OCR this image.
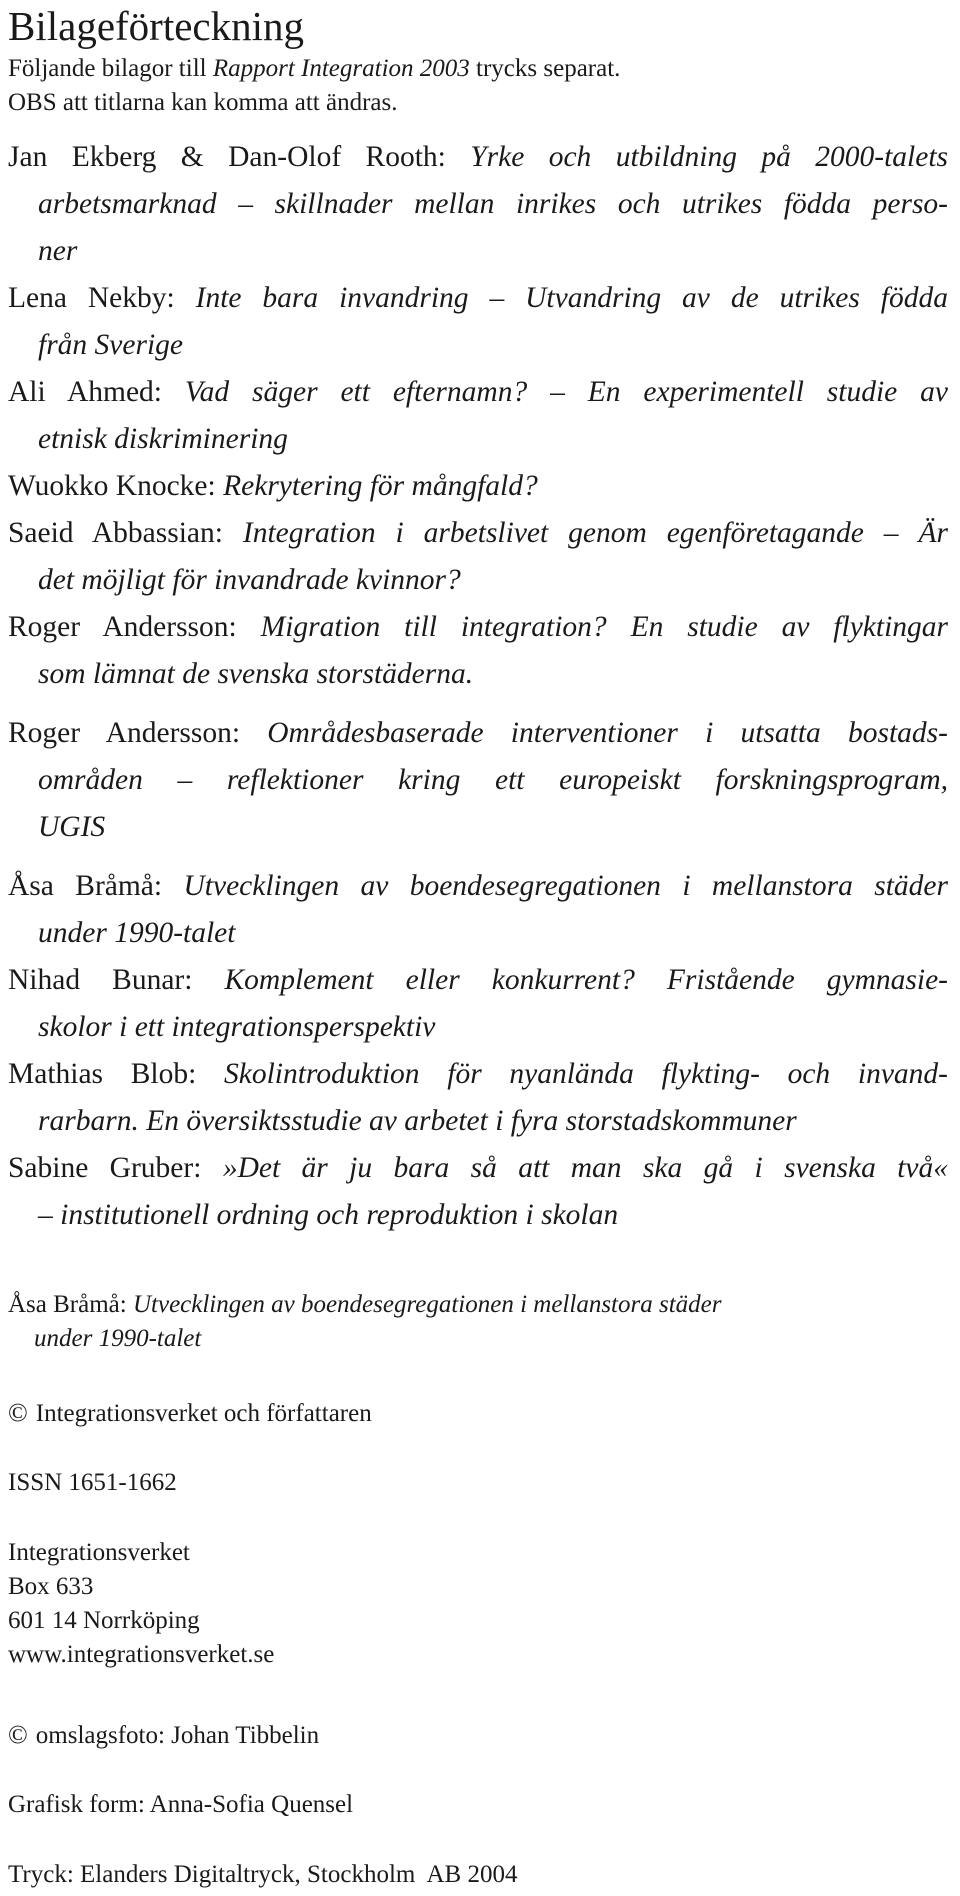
Bilageförteckning
Följande bilagor till Rapport Integration 2003 trycks separat.
OBS att titlarna kan komma att ändras.
Jan Ekberg & Dan-Olof Rooth: Yrke och utbildning på 2000-talets
arbetsmarknad – skillnader mellan inrikes och utrikes födda perso-
ner
Lena Nekby: Inte bara invandring – Utvandring av de utrikes födda
från Sverige
Ali Ahmed: Vad säger ett efternamn? – En experimentell studie av
etnisk diskriminering
Wuokko Knocke: Rekrytering för mångfald?
Saeid Abbassian: Integration i arbetslivet genom egenföretagande – Är
det möjligt för invandrade kvinnor?
Roger Andersson: Migration till integration? En studie av flyktingar
som lämnat de svenska storstäderna.
Roger Andersson: Områdesbaserade interventioner i utsatta bostads-
områden – reflektioner kring ett europeiskt forskningsprogram,
UGIS
Åsa Bråmå: Utvecklingen av boendesegregationen i mellanstora städer
under 1990-talet
Nihad Bunar: Komplement eller konkurrent? Fristående gymnasie-
skolor i ett integrationsperspektiv
Mathias Blob: Skolintroduktion för nyanlända flykting- och invand-
rarbarn. En översiktsstudie av arbetet i fyra storstadskommuner
Sabine Gruber: »Det är ju bara så att man ska gå i svenska två«
– institutionell ordning och reproduktion i skolan
Åsa Bråmå: Utvecklingen av boendesegregationen i mellanstora städer
under 1990-talet
© Integrationsverket och författaren
ISSN 1651-1662
Integrationsverket
Box 633
601 14 Norrköping
www.integrationsverket.se
© omslagsfoto: Johan Tibbelin
Grafisk form: Anna-Sofia Quensel
Tryck: Elanders Digitaltryck, Stockholm  AB 2004
